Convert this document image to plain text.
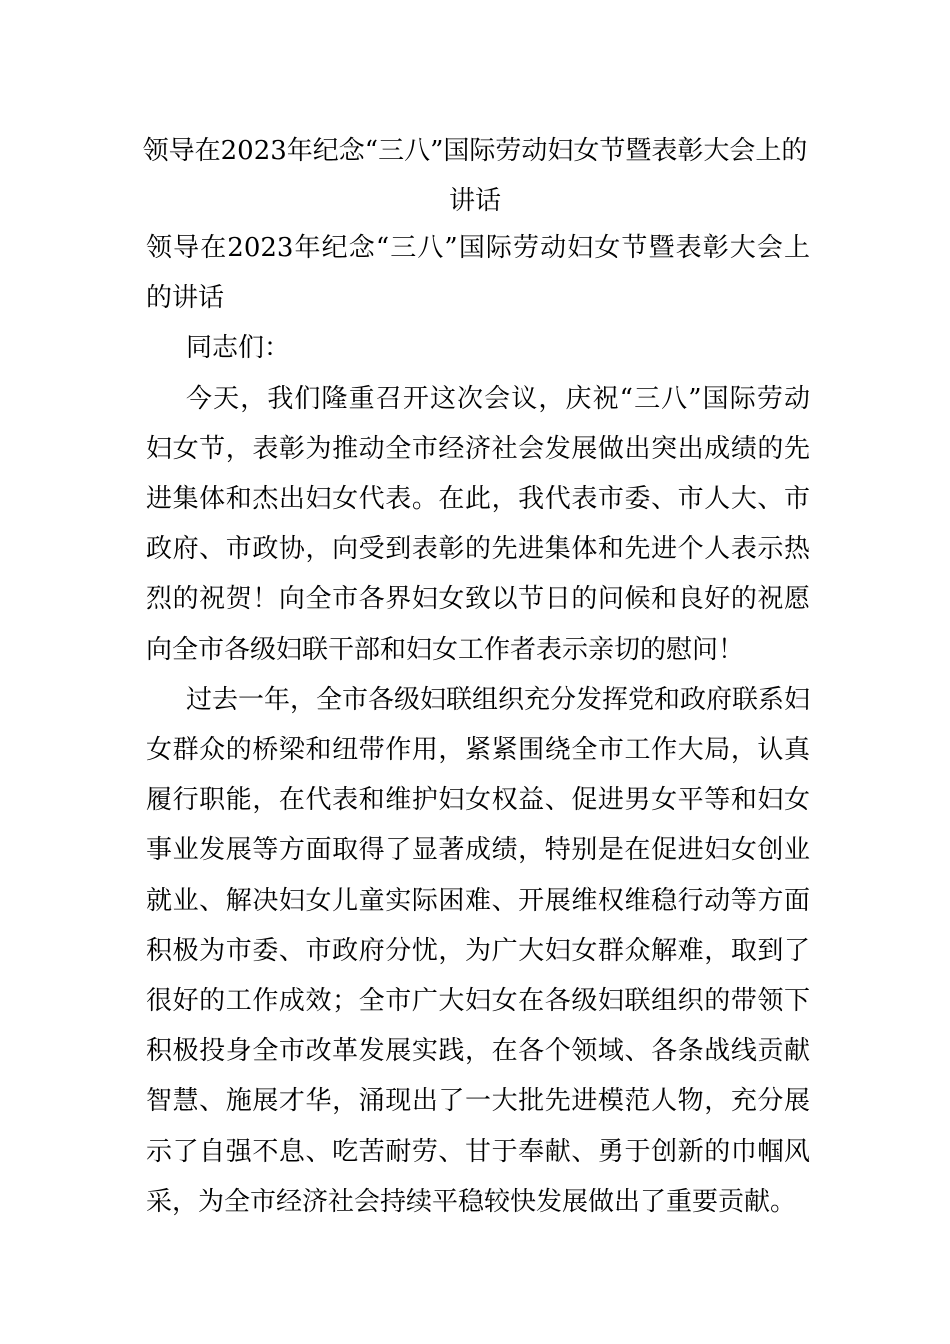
领导在2023年纪念“三八”国际劳动妇女节暨表彰大会上的讲话

领导在2023年纪念“三八”国际劳动妇女节暨表彰大会上的讲话

同志们：

今天，我们隆重召开这次会议，庆祝“三八”国际劳动妇女节，表彰为推动全市经济社会发展做出突出成绩的先进集体和杰出妇女代表。在此，我代表市委、市人大、市政府、市政协，向受到表彰的先进集体和先进个人表示热烈的祝贺！向全市各界妇女致以节日的问候和良好的祝愿向全市各级妇联干部和妇女工作者表示亲切的慰问！

过去一年，全市各级妇联组织充分发挥党和政府联系妇女群众的桥梁和纽带作用，紧紧围绕全市工作大局，认真履行职能，在代表和维护妇女权益、促进男女平等和妇女事业发展等方面取得了显著成绩，特别是在促进妇女创业就业、解决妇女儿童实际困难、开展维权维稳行动等方面积极为市委、市政府分忧，为广大妇女群众解难，取到了很好的工作成效；全市广大妇女在各级妇联组织的带领下积极投身全市改革发展实践，在各个领域、各条战线贡献智慧、施展才华，涌现出了一大批先进模范人物，充分展示了自强不息、吃苦耐劳、甘于奉献、勇于创新的巾帼风采，为全市经济社会持续平稳较快发展做出了重要贡献。
